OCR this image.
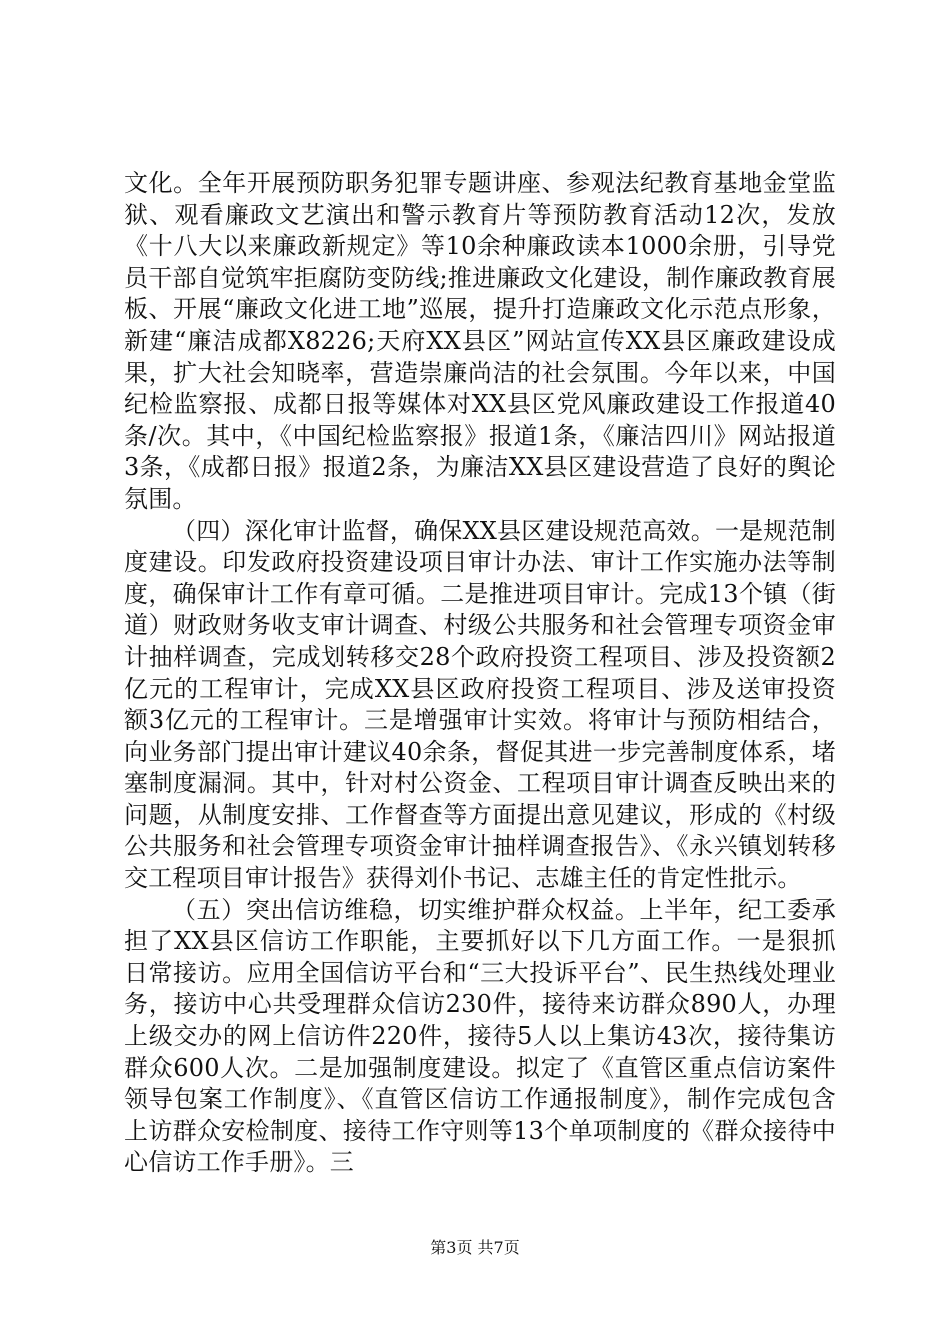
文化。全年开展预防职务犯罪专题讲座、参观法纪教育基地金堂监狱、观看廉政文艺演出和警示教育片等预防教育活动12次，发放《十八大以来廉政新规定》等10余种廉政读本1000余册，引导党员干部自觉筑牢拒腐防变防线;推进廉政文化建设，制作廉政教育展板、开展“廉政文化进工地”巡展，提升打造廉政文化示范点形象，新建“廉洁成都X8226;天府XX县区”网站宣传XX县区廉政建设成果，扩大社会知晓率，营造崇廉尚洁的社会氛围。今年以来，中国纪检监察报、成都日报等媒体对XX县区党风廉政建设工作报道40条/次。其中，《中国纪检监察报》报道1条，《廉洁四川》网站报道3条，《成都日报》报道2条，为廉洁XX县区建设营造了良好的舆论氛围。

（四）深化审计监督，确保XX县区建设规范高效。一是规范制度建设。印发政府投资建设项目审计办法、审计工作实施办法等制度，确保审计工作有章可循。二是推进项目审计。完成13个镇（街道）财政财务收支审计调查、村级公共服务和社会管理专项资金审计抽样调查，完成划转移交28个政府投资工程项目、涉及投资额2亿元的工程审计，完成XX县区政府投资工程项目、涉及送审投资额3亿元的工程审计。三是增强审计实效。将审计与预防相结合，向业务部门提出审计建议40余条，督促其进一步完善制度体系，堵塞制度漏洞。其中，针对村公资金、工程项目审计调查反映出来的问题，从制度安排、工作督查等方面提出意见建议，形成的《村级公共服务和社会管理专项资金审计抽样调查报告》、《永兴镇划转移交工程项目审计报告》获得刘仆书记、志雄主任的肯定性批示。

（五）突出信访维稳，切实维护群众权益。上半年，纪工委承担了XX县区信访工作职能，主要抓好以下几方面工作。一是狠抓日常接访。应用全国信访平台和“三大投诉平台”、民生热线处理业务，接访中心共受理群众信访230件，接待来访群众890人，办理上级交办的网上信访件220件，接待5人以上集访43次，接待集访群众600人次。二是加强制度建设。拟定了《直管区重点信访案件领导包案工作制度》、《直管区信访工作通报制度》，制作完成包含上访群众安检制度、接待工作守则等13个单项制度的《群众接待中心信访工作手册》。三

第3页 共7页
